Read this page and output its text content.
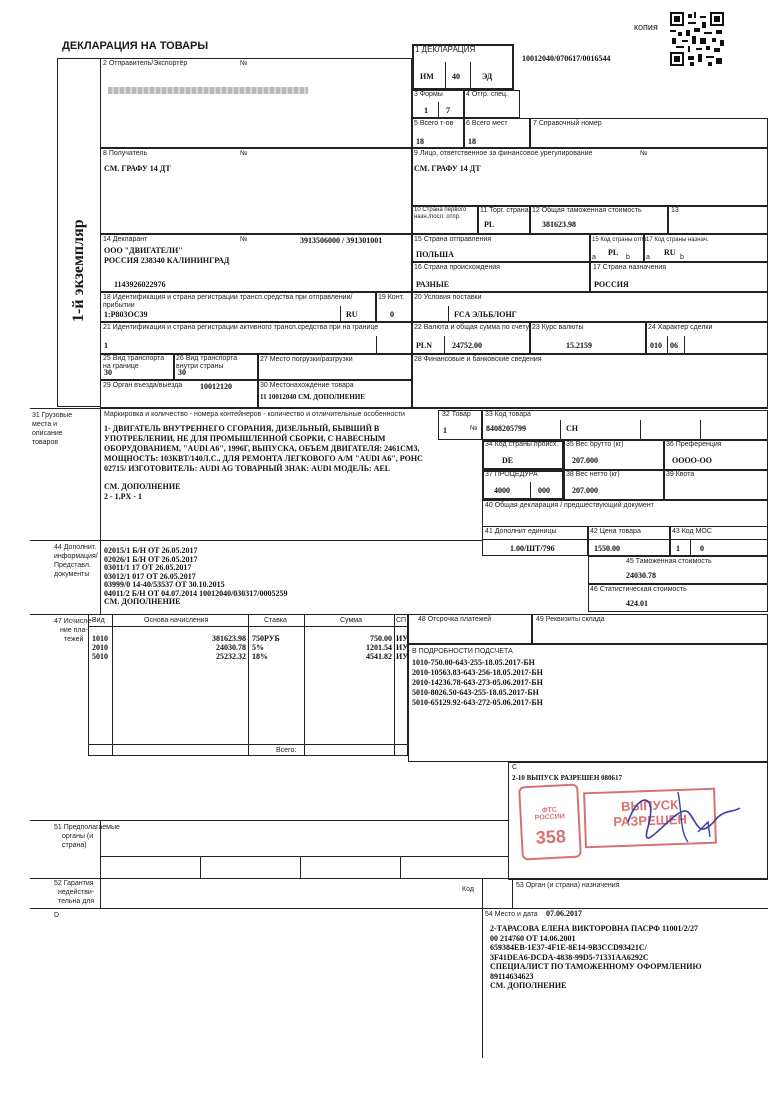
ДЕКЛАРАЦИЯ НА ТОВАРЫ
копия
1-й экземпляр
2 Отправитель/Экспортёр	№
1 ДЕКЛАРАЦИЯ
ИМ 40	ЭД
10012040/070617/0016544
3 Формы
1 7
4 Отгр. спец.
5 Всего т-ов
18
6 Всего мест
18
7 Справочный номер
8 Получатель	№
СМ. ГРАФУ 14 ДТ
9 Лицо, ответственное за финансовое урегулирование	№
СМ. ГРАФУ 14 ДТ
10 Страна первого назн./посл. отпр.
11 Торг. страна
PL
12 Общая таможенная стоимость
381623.98
13
14 Декларант	№	3913506000 / 391301001
ООО "ДВИГАТЕЛИ"
РОССИЯ 238340 КАЛИНИНГРАД
1143926022976
15 Страна отправления
ПОЛЬША
15 Код страны отпр.
PL
a	b
17 Код страны назнач.
RU
a	b
16 Страна происхождения
РАЗНЫЕ
17 Страна назначения
РОССИЯ
18 Идентификация и страна регистрации трансп.средства при отправлении/прибытии
1:P803OC39	RU
19 Конт.
0
20 Условия поставки
FCA ЭЛЬБЛОНГ
21 Идентификация и страна регистрации активного трансп.средства при на границе
1
22 Валюта и общая сумма по счету
PLN	24752.00
23 Курс валюты
15.2159
24 Характер сделки
010 06
25 Вид транспорта на границе
30
26 Вид транспорта внутри страны
30
27 Место погрузки/разгрузки	28 Финансовые и банковские сведения
29 Орган въезда/выезда 10012120	30 Местонахождение товара
11 10012040 СМ. ДОПОЛНЕНИЕ
31 Грузовые
места и
описание
товаров
Маркировка и количество - номера контейнеров - количество и отличительные особенности
1- ДВИГАТЕЛЬ ВНУТРЕННЕГО СГОРАНИЯ, ДИЗЕЛЬНЫЙ, БЫВШИЙ В УПОТРЕБЛЕНИИ, НЕ ДЛЯ ПРОМЫШЛЕННОЙ СБОРКИ, С НАВЕСНЫМ ОБОРУДОВАНИЕМ, "AUDI A6", 1996Г, ВЫПУСКА, ОБЪЕМ ДВИГАТЕЛЯ: 2461СМ3, МОЩНОСТЬ: 103КВТ/140Л.С., ДЛЯ РЕМОНТА ЛЕГКОВОГО А/М "AUDI A6", РОНС 02715/ ИЗГОТОВИТЕЛЬ: AUDI AG ТОВАРНЫЙ ЗНАК: AUDI МОДЕЛЬ: AEL
СМ. ДОПОЛНЕНИЕ
2 - 1,PX - 1
32 Товар
№
1
33 Код товара
8408205799	CH
34 Код страны происх.
DE
35 Вес брутто (кг)
207.000
36 Преференция
ОООО-ОО
37 ПРОЦЕДУРА
4000	000
38 Вес нетто (кг)
207.000
39 Квота
40 Общая декларация / предшествующий документ
44 Дополнит.
информация/
Представл.
документы
02015/1 Б/Н ОТ 26.05.2017
02026/1 Б/Н ОТ 26.05.2017
03011/1 17 ОТ 26.05.2017
03012/1 017 ОТ 26.05.2017
03999/0 14-40/53537 ОТ 30.10.2015
04011/2 Б/Н ОТ 04.07.2014 10012040/030317/0005259
СМ. ДОПОЛНЕНИЕ
41 Дополнит единицы
1.00/ШТ/796
42 Цена товара
1550.00
43 Код МОС
1	0
45 Таможенная стоимость
24030.78
46 Статистическая стоимость
424.01
47 Исчисле-
ние пла-
тежей
Вид	Основа начисления	Ставка	Сумма	СП
1010	381623.98 750РУБ	750.00 ИУ
2010	24030.78 5%	1201.54 ИУ
5010	25232.32 18%	4541.82 ИУ
Всего:
48 Отсрочка платежей	49 Реквизиты склада
B ПОДРОБНОСТИ ПОДСЧЕТА
1010-750.00-643-255-18.05.2017-БН
2010-10563.83-643-256-18.05.2017-БН
2010-14236.78-643-273-05.06.2017-БН
5010-8026.50-643-255-18.05.2017-БН
5010-65129.92-643-272-05.06.2017-БН
C
2-10 ВЫПУСК РАЗРЕШЕН 080617
ФТС
РОССИИ
358
ВЫПУСК РАЗРЕШЕН
51 Предполагаемые
органы (и
страна)
52 Гарантия
недействи-
тельна для
Код
53 Орган (и страна) назначения
D	54 Место и дата 07.06.2017
2-ТАРАСОВА ЕЛЕНА ВИКТОРОВНА ПАСРФ 11001/2/27
00 214760 ОТ 14.06.2001
659384EB-1E37-4F1E-8E14-9B3CCD93421C/
3F41DEA6-DCDA-4838-99D5-71331AA6292C
СПЕЦИАЛИСТ ПО ТАМОЖЕННОМУ ОФОРМЛЕНИЮ
89114634623
СМ. ДОПОЛНЕНИЕ
